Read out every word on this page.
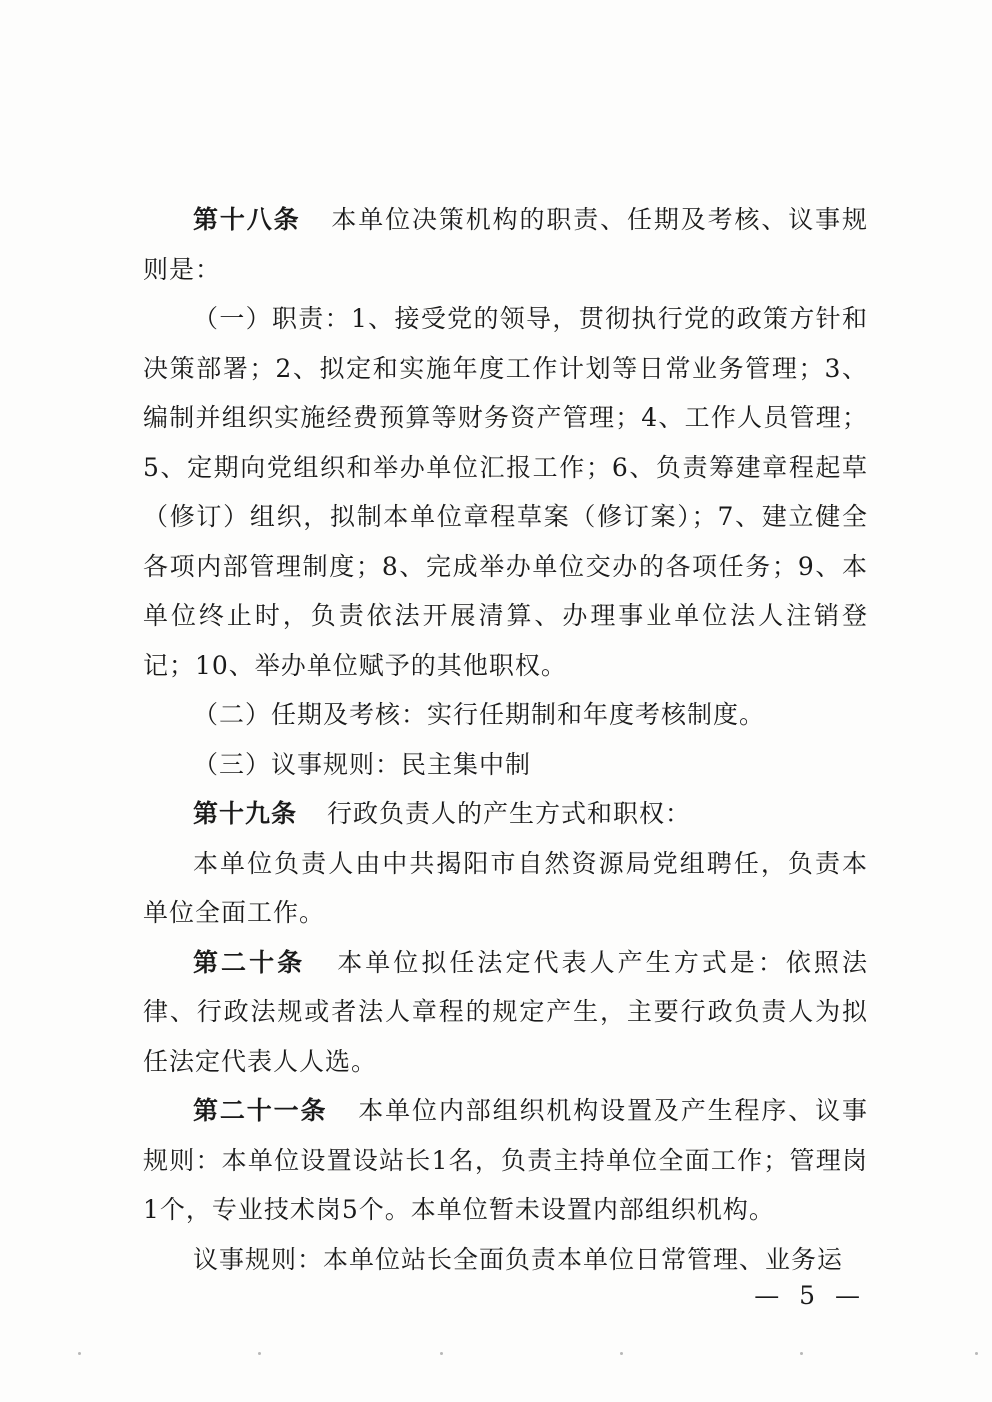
第十八条 本单位决策机构的职责、任期及考核、议事规则是：

（一）职责：1、接受党的领导，贯彻执行党的政策方针和决策部署；2、拟定和实施年度工作计划等日常业务管理；3、编制并组织实施经费预算等财务资产管理；4、工作人员管理；5、定期向党组织和举办单位汇报工作；6、负责筹建章程起草（修订）组织，拟制本单位章程草案（修订案）；7、建立健全各项内部管理制度；8、完成举办单位交办的各项任务；9、本单位终止时，负责依法开展清算、办理事业单位法人注销登记；10、举办单位赋予的其他职权。

（二）任期及考核：实行任期制和年度考核制度。

（三）议事规则：民主集中制

第十九条 行政负责人的产生方式和职权：

本单位负责人由中共揭阳市自然资源局党组聘任，负责本单位全面工作。

第二十条 本单位拟任法定代表人产生方式是：依照法律、行政法规或者法人章程的规定产生，主要行政负责人为拟任法定代表人人选。

第二十一条 本单位内部组织机构设置及产生程序、议事规则：本单位设置设站长1名，负责主持单位全面工作；管理岗1个，专业技术岗5个。本单位暂未设置内部组织机构。

议事规则：本单位站长全面负责本单位日常管理、业务运

— 5 —
